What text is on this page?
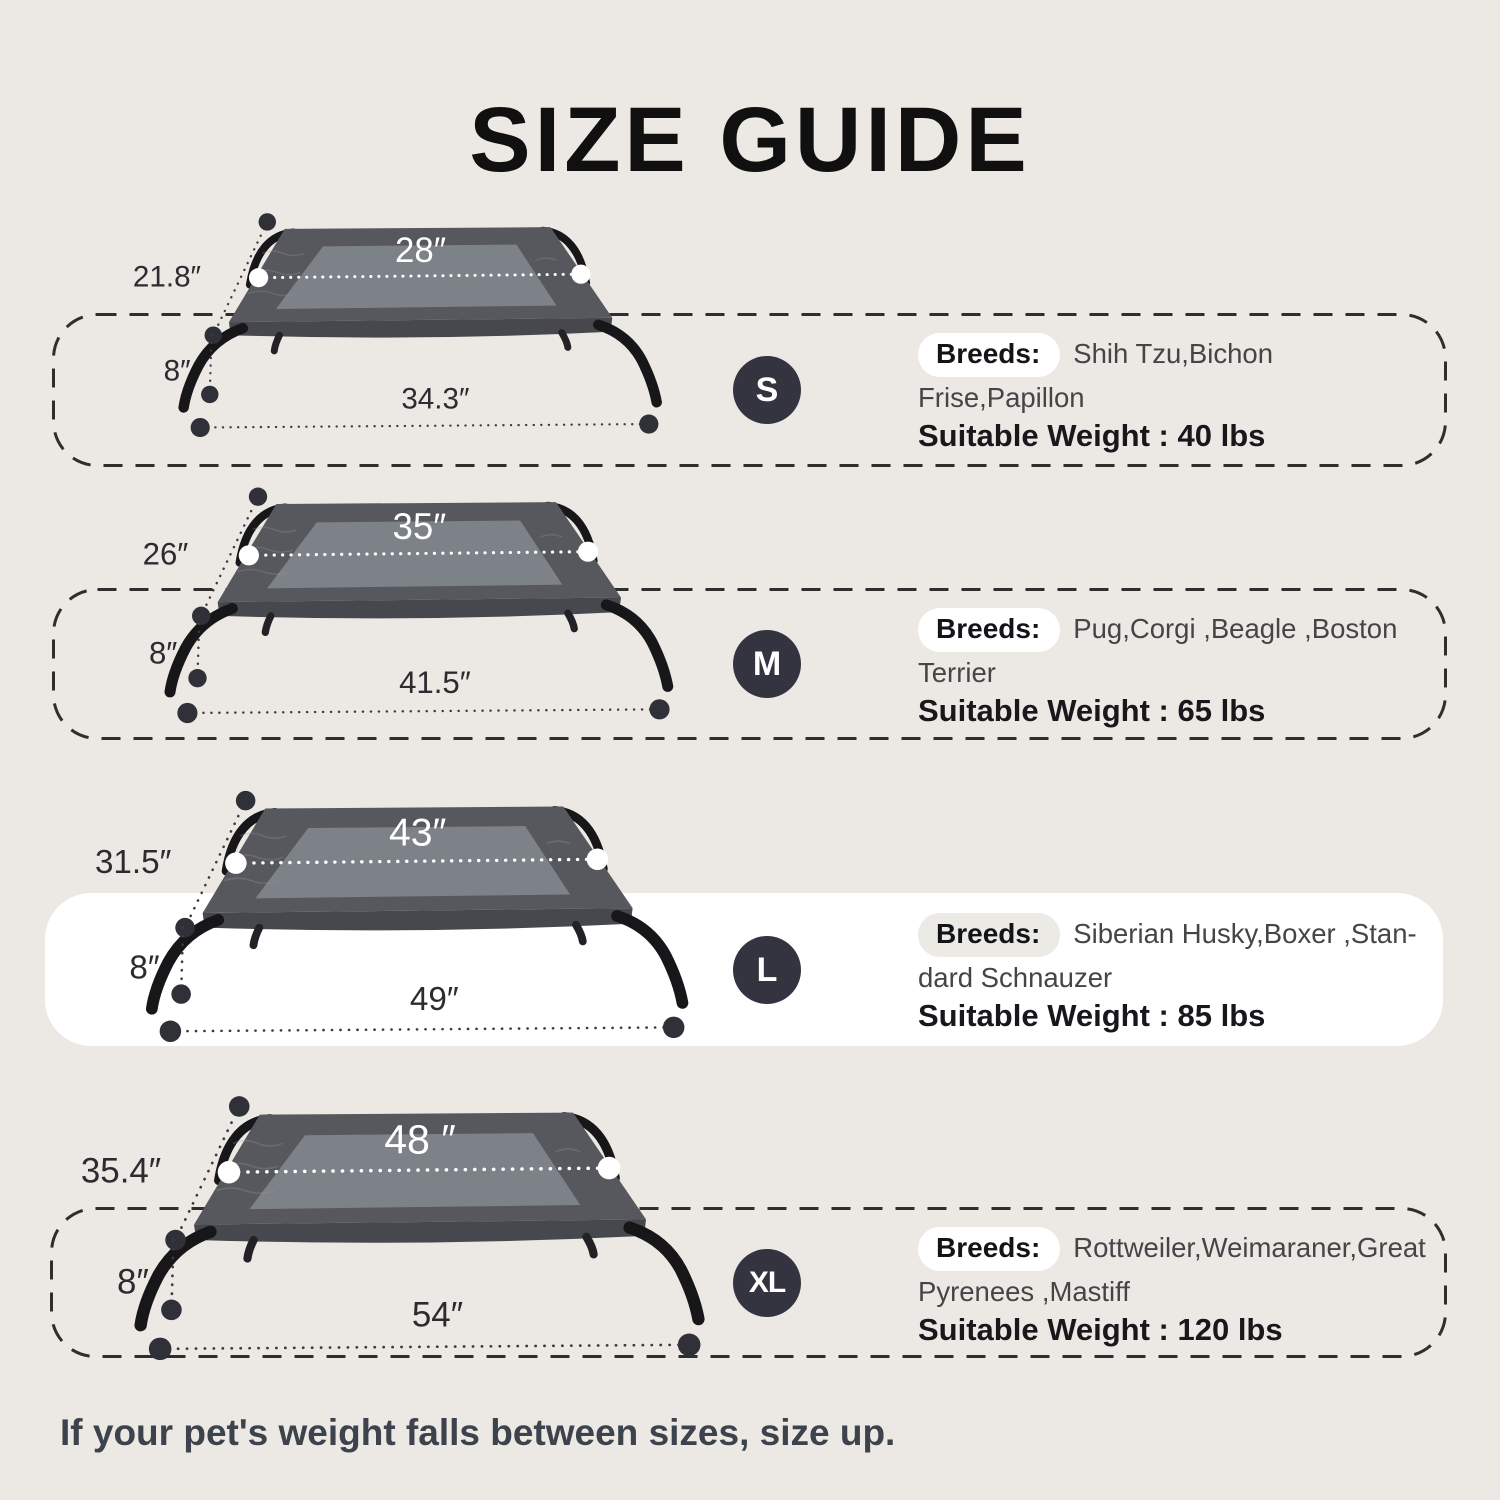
SIZE GUIDE
28″
21.8″
8″
34.3″	S

Breeds: Shih Tzu,Bichon Frise,Papillon

Suitable Weight : 40 lbs
35″
26″
8″
41.5″	M

Breeds: Pug,Corgi ,Beagle ,Boston Terrier

Suitable Weight : 65 lbs
43″
31.5″
8″
49″
L

Breeds: Siberian Husky,Boxer ,Stan-dard Schnauzer

Suitable Weight : 85 lbs
48 ″
35.4″
8″
54″
XL

Breeds: Rottweiler,Weimaraner,Great Pyrenees ,Mastiff

Suitable Weight : 120 lbs
If your pet's weight falls between sizes, size up.
